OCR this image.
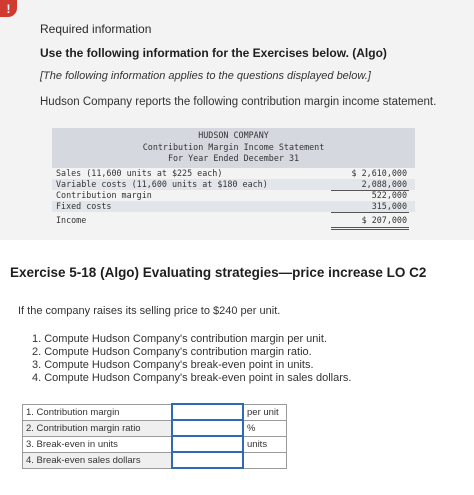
!
Required information
Use the following information for the Exercises below. (Algo)
[The following information applies to the questions displayed below.]
Hudson Company reports the following contribution margin income statement.
HUDSON COMPANY
Contribution Margin Income Statement
For Year Ended December 31
Sales (11,600 units at $225 each)	$ 2,610,000
Variable costs (11,600 units at $180 each)	2,088,000
Contribution margin	522,000
Fixed costs	315,000
Income	$ 207,000
Exercise 5-18 (Algo) Evaluating strategies—price increase LO C2
If the company raises its selling price to $240 per unit.
1. Compute Hudson Company's contribution margin per unit.
2. Compute Hudson Company's contribution margin ratio.
3. Compute Hudson Company's break-even point in units.
4. Compute Hudson Company's break-even point in sales dollars.
1. Contribution margin		per unit
2. Contribution margin ratio		%
3. Break-even in units		units
4. Break-even sales dollars		
